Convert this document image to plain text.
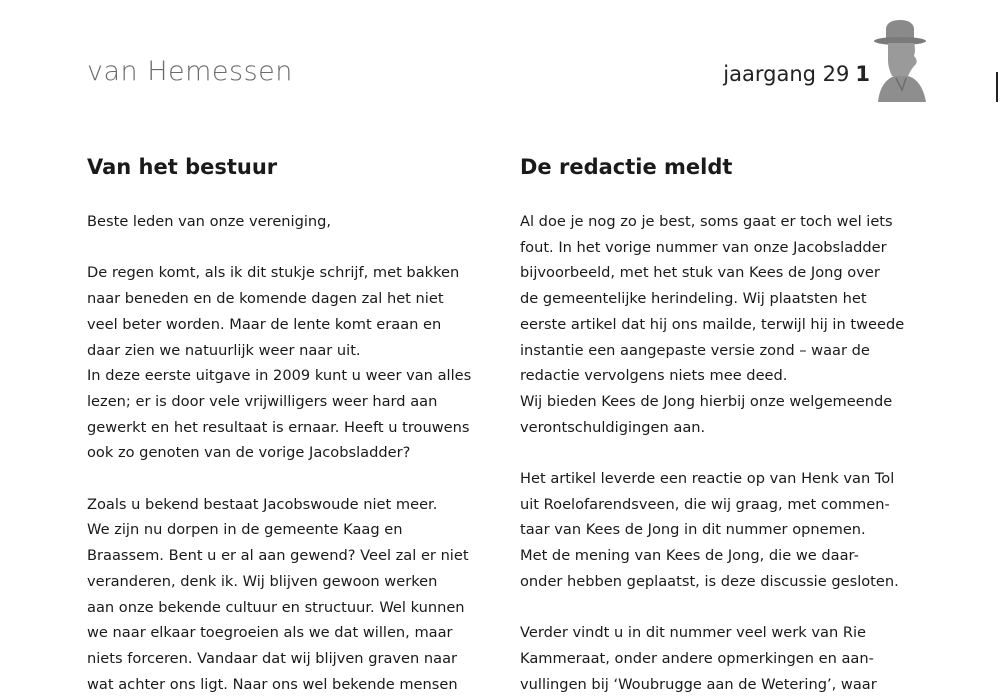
van Hemessen	jaargang 29 1
Van het bestuur

Beste leden van onze vereniging,

De regen komt, als ik dit stukje schrijf, met bakken

naar beneden en de komende dagen zal het niet

veel beter worden. Maar de lente komt eraan en

daar zien we natuurlijk weer naar uit.

In deze eerste uitgave in 2009 kunt u weer van alles

lezen; er is door vele vrijwilligers weer hard aan

gewerkt en het resultaat is ernaar. Heeft u trouwens

ook zo genoten van de vorige Jacobsladder?

Zoals u bekend bestaat Jacobswoude niet meer.

We zijn nu dorpen in de gemeente Kaag en

Braassem. Bent u er al aan gewend? Veel zal er niet

veranderen, denk ik. Wij blijven gewoon werken

aan onze bekende cultuur en structuur. Wel kunnen

we naar elkaar toegroeien als we dat willen, maar

niets forceren. Vandaar dat wij blijven graven naar

wat achter ons ligt. Naar ons wel bekende mensen

De redactie meldt

Al doe je nog zo je best, soms gaat er toch wel iets

fout. In het vorige nummer van onze Jacobsladder

bijvoorbeeld, met het stuk van Kees de Jong over

de gemeentelijke herindeling. Wij plaatsten het

eerste artikel dat hij ons mailde, terwijl hij in tweede

instantie een aangepaste versie zond – waar de

redactie vervolgens niets mee deed.

Wij bieden Kees de Jong hierbij onze welgemeende

verontschuldigingen aan.

Het artikel leverde een reactie op van Henk van Tol

uit Roelofarendsveen, die wij graag, met commen-

taar van Kees de Jong in dit nummer opnemen.

Met de mening van Kees de Jong, die we daar-

onder hebben geplaatst, is deze discussie gesloten.

Verder vindt u in dit nummer veel werk van Rie

Kammeraat, onder andere opmerkingen en aan-

vullingen bij ‘Woubrugge aan de Wetering’, waar
